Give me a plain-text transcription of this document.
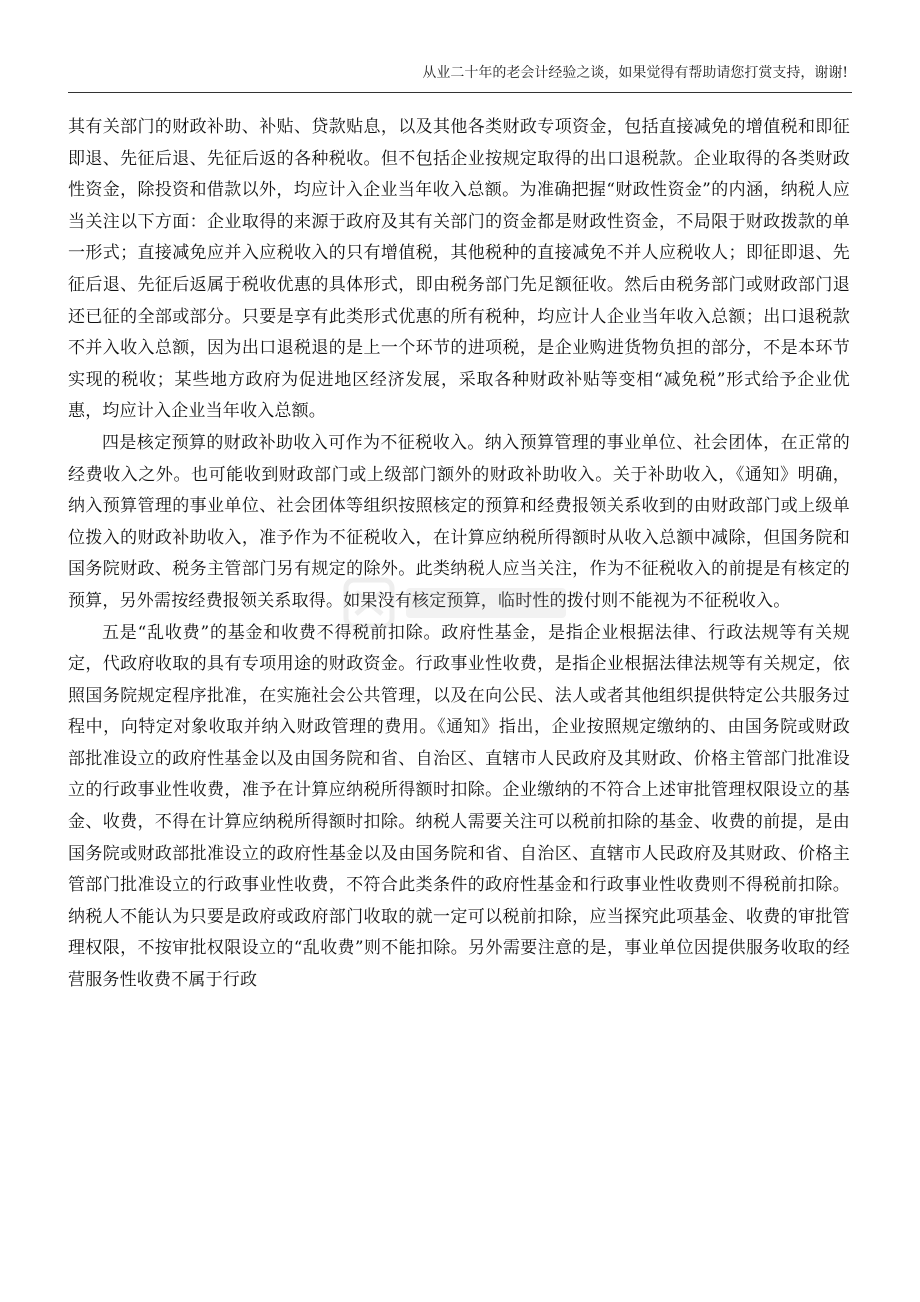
从业二十年的老会计经验之谈，如果觉得有帮助请您打赏支持，谢谢!

其有关部门的财政补助、补贴、贷款贴息，以及其他各类财政专项资金，包括直接减免的增值税和即征即退、先征后退、先征后返的各种税收。但不包括企业按规定取得的出口退税款。企业取得的各类财政性资金，除投资和借款以外，均应计入企业当年收入总额。为准确把握“财政性资金”的内涵，纳税人应当关注以下方面：企业取得的来源于政府及其有关部门的资金都是财政性资金，不局限于财政拨款的单一形式；直接减免应并入应税收入的只有增值税，其他税种的直接减免不并人应税收人；即征即退、先征后退、先征后返属于税收优惠的具体形式，即由税务部门先足额征收。然后由税务部门或财政部门退还已征的全部或部分。只要是享有此类形式优惠的所有税种，均应计人企业当年收入总额；出口退税款不并入收入总额，因为出口退税退的是上一个环节的进项税，是企业购进货物负担的部分，不是本环节实现的税收；某些地方政府为促进地区经济发展，采取各种财政补贴等变相“减免税”形式给予企业优惠，均应计入企业当年收入总额。

四是核定预算的财政补助收入可作为不征税收入。纳入预算管理的事业单位、社会团体，在正常的经费收入之外。也可能收到财政部门或上级部门额外的财政补助收入。关于补助收入，《通知》明确，纳入预算管理的事业单位、社会团体等组织按照核定的预算和经费报领关系收到的由财政部门或上级单位拨入的财政补助收入，准予作为不征税收入，在计算应纳税所得额时从收入总额中减除，但国务院和国务院财政、税务主管部门另有规定的除外。此类纳税人应当关注，作为不征税收入的前提是有核定的预算，另外需按经费报领关系取得。如果没有核定预算，临时性的拨付则不能视为不征税收入。

五是“乱收费”的基金和收费不得税前扣除。政府性基金，是指企业根据法律、行政法规等有关规定，代政府收取的具有专项用途的财政资金。行政事业性收费，是指企业根据法律法规等有关规定，依照国务院规定程序批准，在实施社会公共管理，以及在向公民、法人或者其他组织提供特定公共服务过程中，向特定对象收取并纳入财政管理的费用。《通知》指出，企业按照规定缴纳的、由国务院或财政部批准设立的政府性基金以及由国务院和省、自治区、直辖市人民政府及其财政、价格主管部门批准设立的行政事业性收费，准予在计算应纳税所得额时扣除。企业缴纳的不符合上述审批管理权限设立的基金、收费，不得在计算应纳税所得额时扣除。纳税人需要关注可以税前扣除的基金、收费的前提，是由国务院或财政部批准设立的政府性基金以及由国务院和省、自治区、直辖市人民政府及其财政、价格主管部门批准设立的行政事业性收费，不符合此类条件的政府性基金和行政事业性收费则不得税前扣除。纳税人不能认为只要是政府或政府部门收取的就一定可以税前扣除，应当探究此项基金、收费的审批管理权限，不按审批权限设立的“乱收费”则不能扣除。另外需要注意的是，事业单位因提供服务收取的经营服务性收费不属于行政
